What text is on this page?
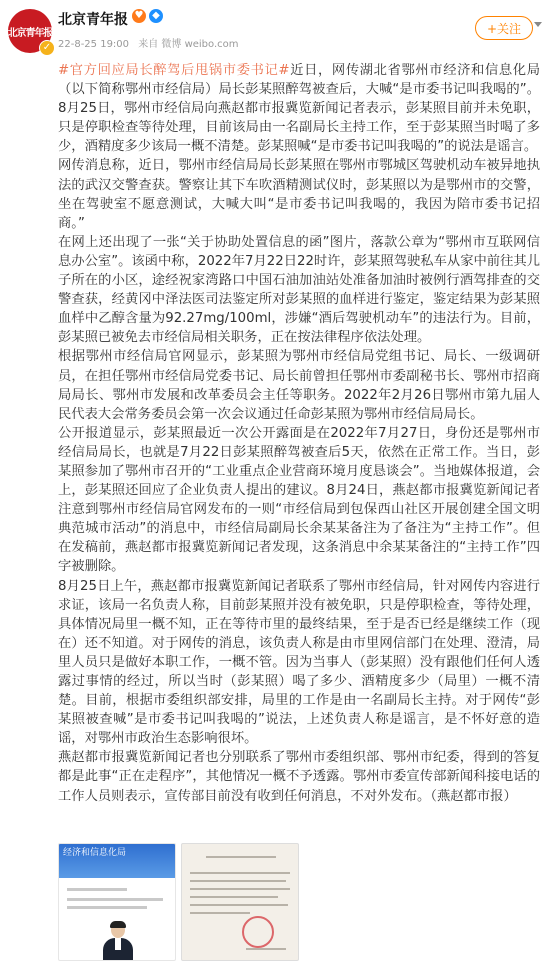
北京青年报
✓
北京青年报 ♥ ◆
22-8-25 19:00 来自 微博 weibo.com
+关注

#官方回应局长醉驾后甩锅市委书记#近日，网传湖北省鄂州市经济和信息化局（以下简称鄂州市经信局）局长彭某照醉驾被查后，大喊“是市委书记叫我喝的”。8月25日，鄂州市经信局向燕赵都市报冀览新闻记者表示，彭某照目前并未免职，只是停职检查等待处理，目前该局由一名副局长主持工作，至于彭某照当时喝了多少，酒精度多少该局一概不清楚。彭某照喊“是市委书记叫我喝的”的说法是谣言。

网传消息称，近日，鄂州市经信局局长彭某照在鄂州市鄂城区驾驶机动车被异地执法的武汉交警查获。警察让其下车吹酒精测试仪时，彭某照以为是鄂州市的交警，坐在驾驶室不愿意测试，大喊大叫“是市委书记叫我喝的，我因为陪市委书记招商。”

在网上还出现了一张“关于协助处置信息的函”图片，落款公章为“鄂州市互联网信息办公室”。该函中称，2022年7月22日22时许，彭某照驾驶私车从家中前往其儿子所在的小区，途经祝家湾路口中国石油加油站处准备加油时被例行酒驾排查的交警查获，经黄冈中泽法医司法鉴定所对彭某照的血样进行鉴定，鉴定结果为彭某照血样中乙醇含量为92.27mg/100ml，涉嫌“酒后驾驶机动车”的违法行为。目前，彭某照已被免去市经信局相关职务，正在按法律程序依法处理。

根据鄂州市经信局官网显示，彭某照为鄂州市经信局党组书记、局长、一级调研员，在担任鄂州市经信局党委书记、局长前曾担任鄂州市委副秘书长、鄂州市招商局局长、鄂州市发展和改革委员会主任等职务。2022年2月26日鄂州市第九届人民代表大会常务委员会第一次会议通过任命彭某照为鄂州市经信局局长。

公开报道显示，彭某照最近一次公开露面是在2022年7月27日，身份还是鄂州市经信局局长，也就是7月22日彭某照醉驾被查后5天，依然在正常工作。当日，彭某照参加了鄂州市召开的“工业重点企业营商环境月度恳谈会”。当地媒体报道，会上，彭某照还回应了企业负责人提出的建议。8月24日，燕赵都市报冀览新闻记者注意到鄂州市经信局官网发布的一则“市经信局到包保西山社区开展创建全国文明典范城市活动”的消息中，市经信局副局长余某某备注为了备注为“主持工作”。但在发稿前，燕赵都市报冀览新闻记者发现，这条消息中余某某备注的“主持工作”四字被删除。

8月25日上午，燕赵都市报冀览新闻记者联系了鄂州市经信局，针对网传内容进行求证，该局一名负责人称，目前彭某照并没有被免职，只是停职检查，等待处理，具体情况局里一概不知，正在等待市里的最终结果，至于是否已经是继续工作（现在）还不知道。对于网传的消息，该负责人称是由市里网信部门在处理、澄清，局里人员只是做好本职工作，一概不管。因为当事人（彭某照）没有跟他们任何人透露过事情的经过，所以当时（彭某照）喝了多少、酒精度多少（局里）一概不清楚。目前，根据市委组织部安排，局里的工作是由一名副局长主持。对于网传“彭某照被查喊”是市委书记叫我喝的”说法，上述负责人称是谣言，是不怀好意的造谣，对鄂州市政治生态影响很坏。

燕赵都市报冀览新闻记者也分别联系了鄂州市委组织部、鄂州市纪委，得到的答复都是此事“正在走程序”，其他情况一概不予透露。鄂州市委宣传部新闻科接电话的工作人员则表示，宣传部目前没有收到任何消息，不对外发布。（燕赵都市报）

经济和信息化局
